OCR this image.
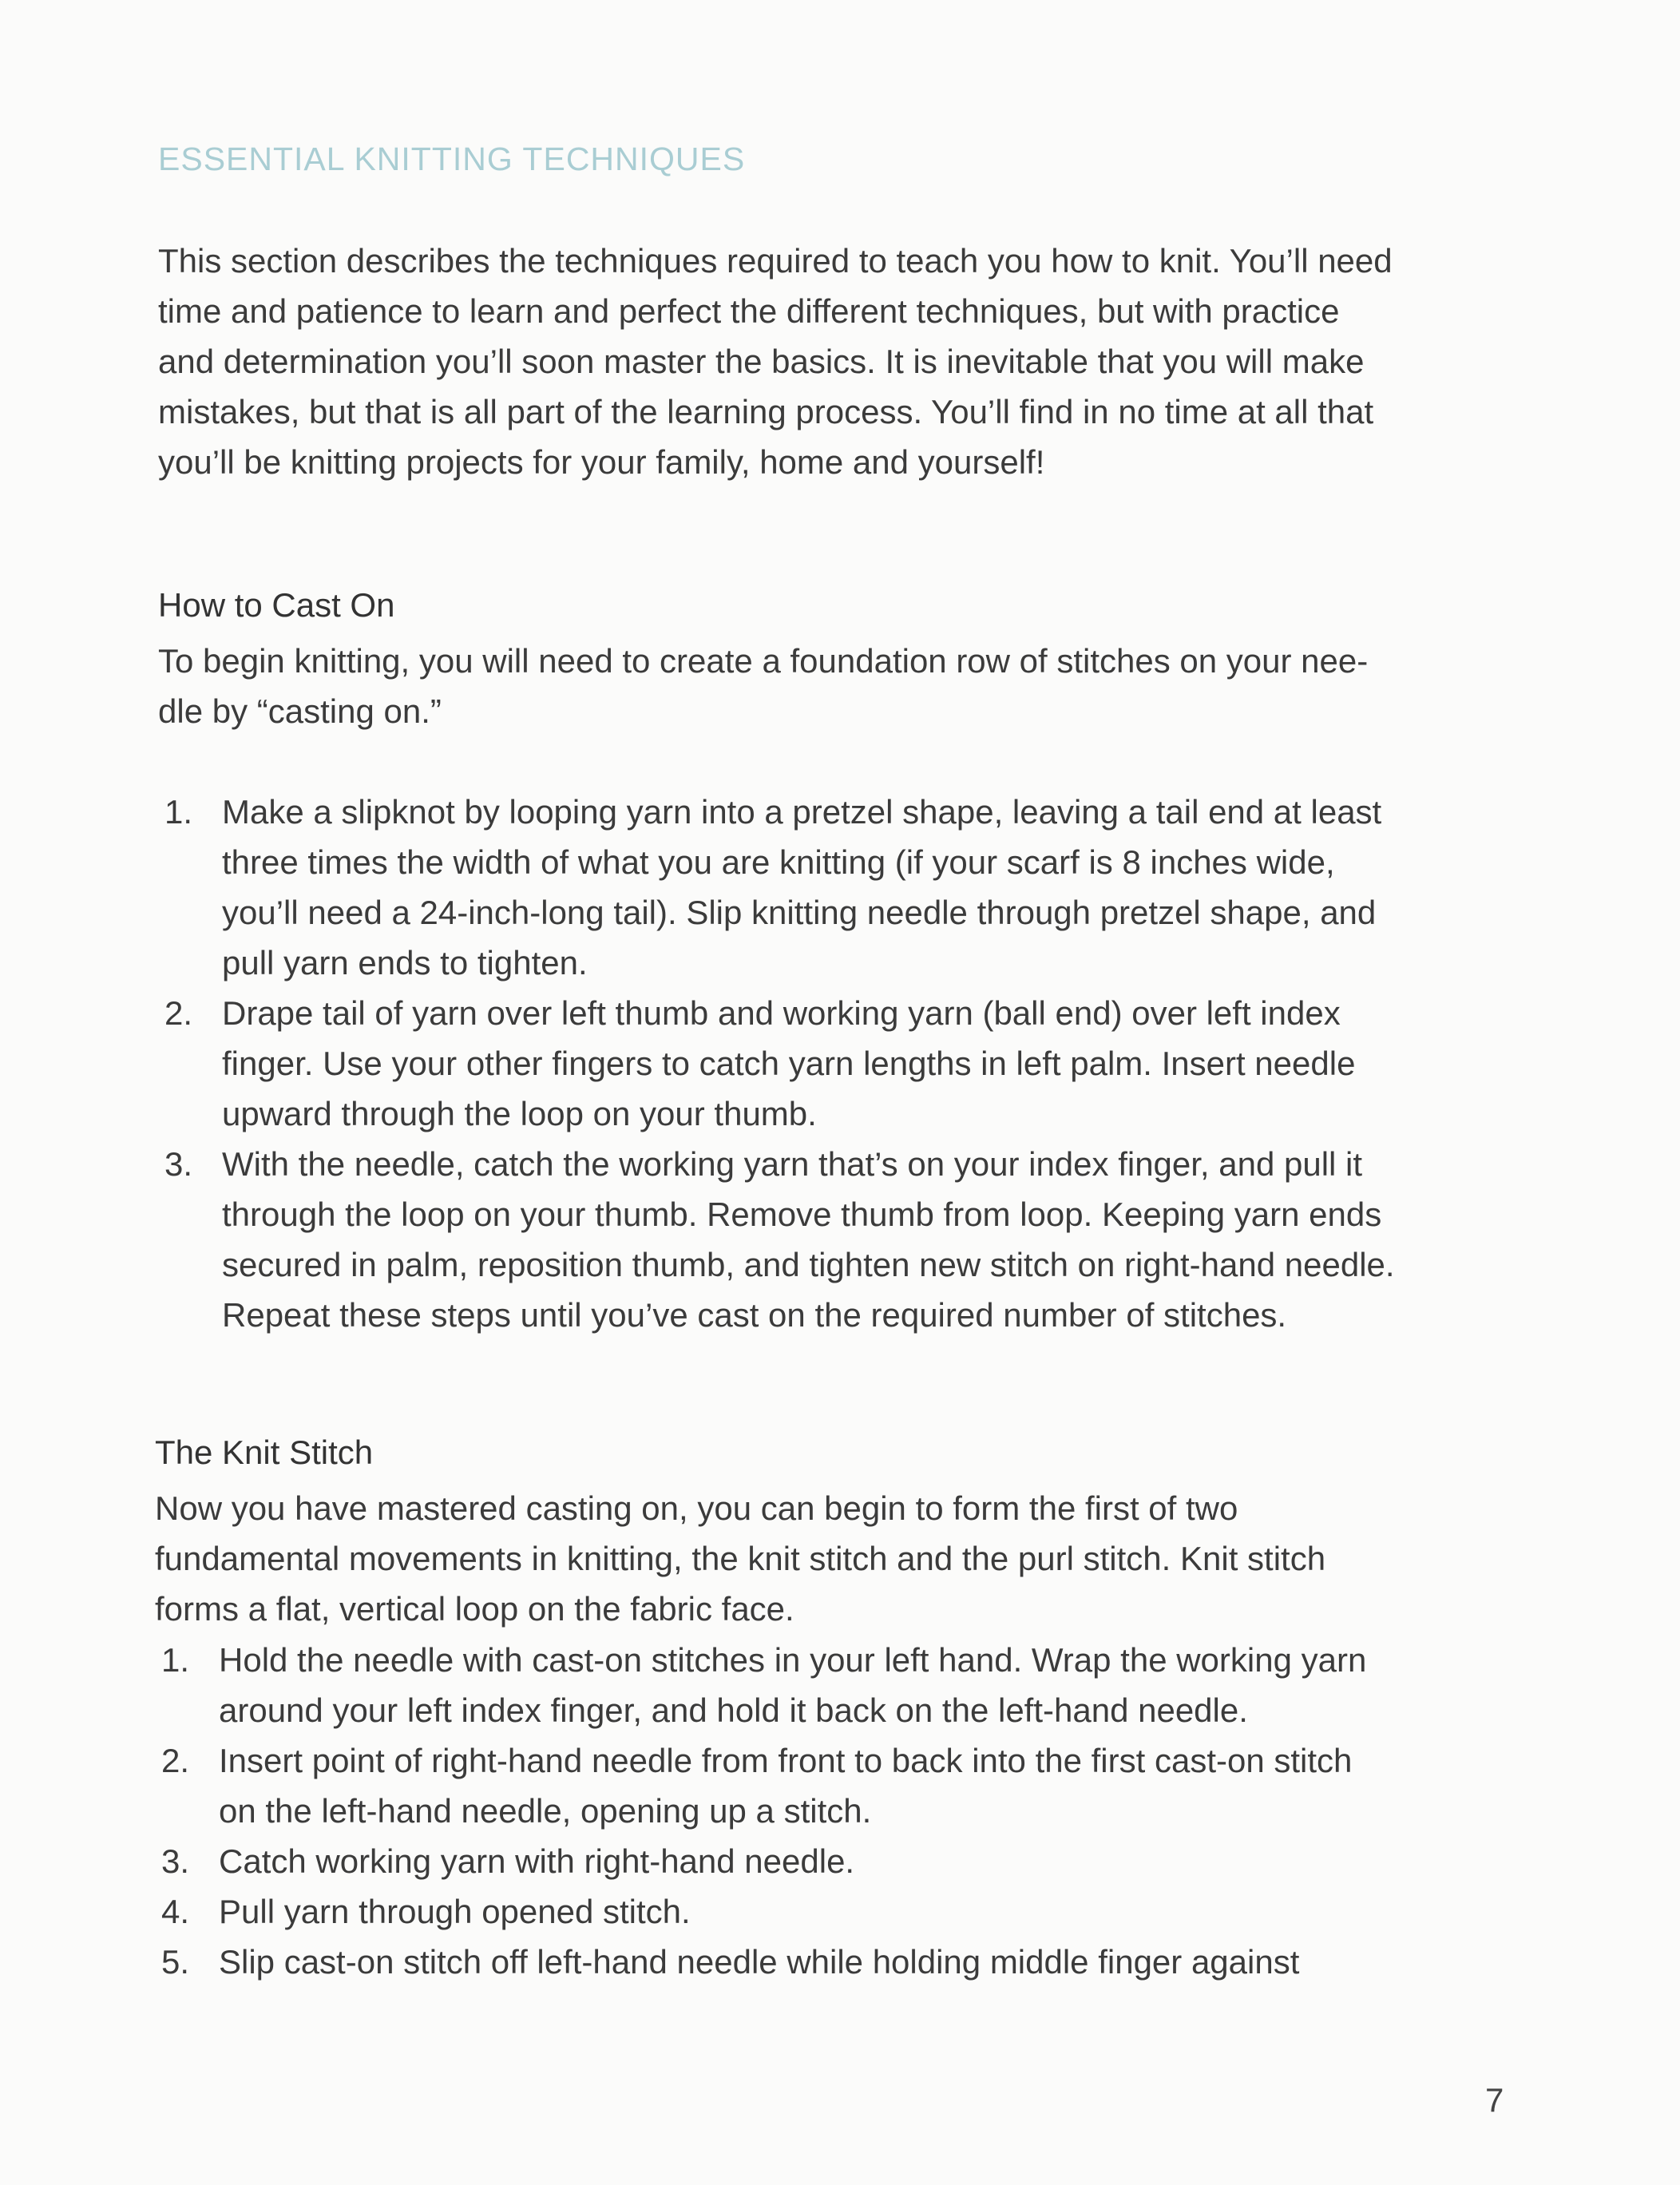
ESSENTIAL KNITTING TECHNIQUES
This section describes the techniques required to teach you how to knit. You’ll need
time and patience to learn and perfect the different techniques, but with practice
and determination you’ll soon master the basics. It is inevitable that you will make
mistakes, but that is all part of the learning process. You’ll find in no time at all that
you’ll be knitting projects for your family, home and yourself!
How to Cast On
To begin knitting, you will need to create a foundation row of stitches on your nee-
dle by “casting on.”
1. Make a slipknot by looping yarn into a pretzel shape, leaving a tail end at least
three times the width of what you are knitting (if your scarf is 8 inches wide,
you’ll need a 24-inch-long tail). Slip knitting needle through pretzel shape, and
pull yarn ends to tighten.
2. Drape tail of yarn over left thumb and working yarn (ball end) over left index
finger. Use your other fingers to catch yarn lengths in left palm. Insert needle
upward through the loop on your thumb.
3. With the needle, catch the working yarn that’s on your index finger, and pull it
through the loop on your thumb. Remove thumb from loop. Keeping yarn ends
secured in palm, reposition thumb, and tighten new stitch on right-hand needle.
Repeat these steps until you’ve cast on the required number of stitches.
The Knit Stitch
Now you have mastered casting on, you can begin to form the first of two
fundamental movements in knitting, the knit stitch and the purl stitch. Knit stitch
forms a flat, vertical loop on the fabric face.
1. Hold the needle with cast-on stitches in your left hand. Wrap the working yarn
around your left index finger, and hold it back on the left-hand needle.
2. Insert point of right-hand needle from front to back into the first cast-on stitch
on the left-hand needle, opening up a stitch.
3. Catch working yarn with right-hand needle.
4. Pull yarn through opened stitch.
5. Slip cast-on stitch off left-hand needle while holding middle finger against
7
